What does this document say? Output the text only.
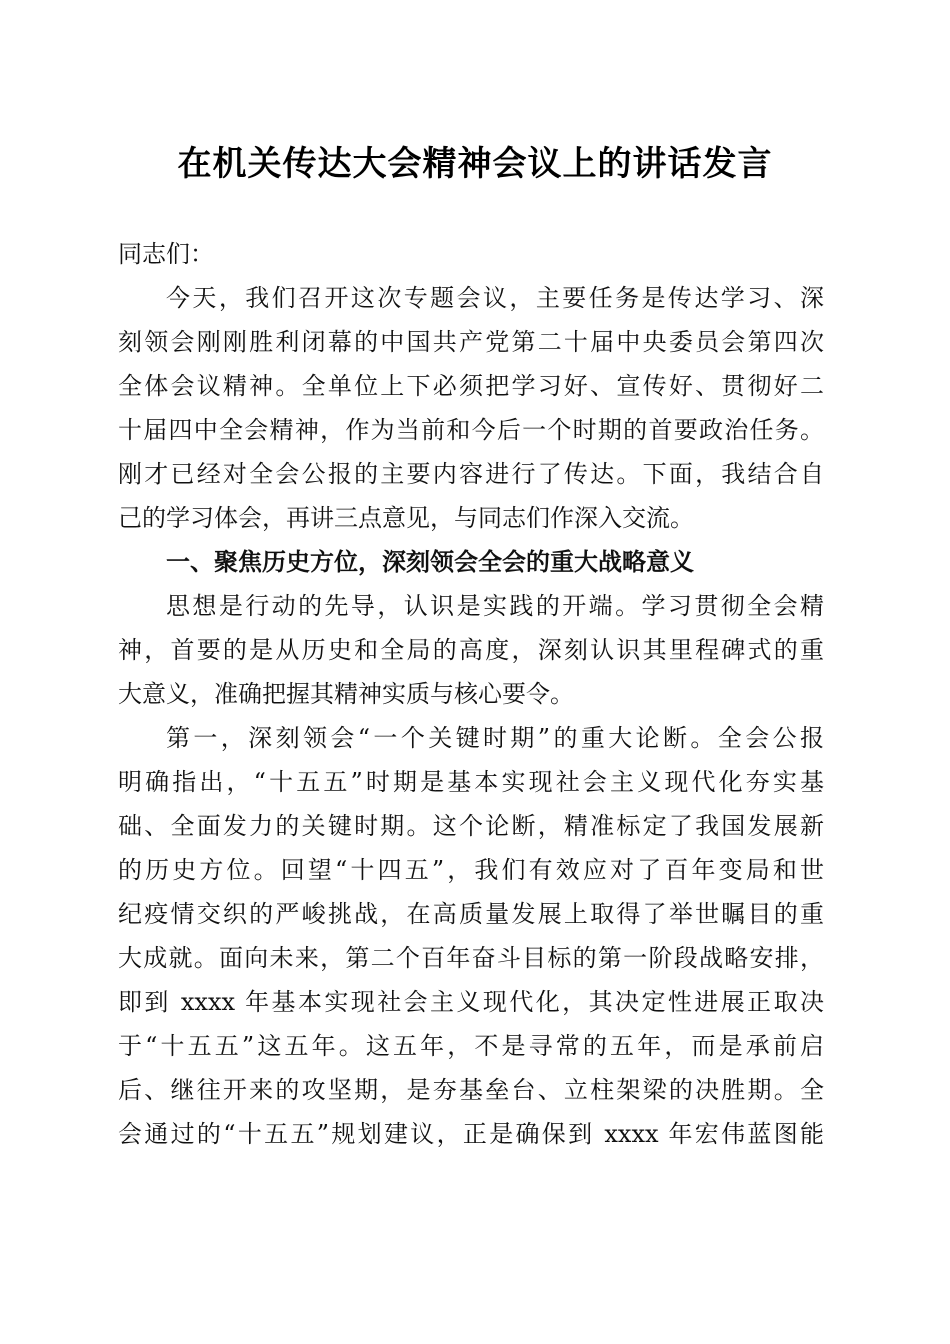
在机关传达大会精神会议上的讲话发言
同志们：
今天，我们召开这次专题会议，主要任务是传达学习、深
刻领会刚刚胜利闭幕的中国共产党第二十届中央委员会第四次
全体会议精神。全单位上下必须把学习好、宣传好、贯彻好二
十届四中全会精神，作为当前和今后一个时期的首要政治任务。
刚才已经对全会公报的主要内容进行了传达。下面，我结合自
己的学习体会，再讲三点意见，与同志们作深入交流。
一、聚焦历史方位，深刻领会全会的重大战略意义
思想是行动的先导，认识是实践的开端。学习贯彻全会精
神，首要的是从历史和全局的高度，深刻认识其里程碑式的重
大意义，准确把握其精神实质与核心要令。
第一，深刻领会“一个关键时期”的重大论断。全会公报
明确指出，“十五五”时期是基本实现社会主义现代化夯实基
础、全面发力的关键时期。这个论断，精准标定了我国发展新
的历史方位。回望“十四五”，我们有效应对了百年变局和世
纪疫情交织的严峻挑战，在高质量发展上取得了举世瞩目的重
大成就。面向未来，第二个百年奋斗目标的第一阶段战略安排，
即到 xxxx 年基本实现社会主义现代化，其决定性进展正取决
于“十五五”这五年。这五年，不是寻常的五年，而是承前启
后、继往开来的攻坚期，是夯基垒台、立柱架梁的决胜期。全
会通过的“十五五”规划建议，正是确保到 xxxx 年宏伟蓝图能
